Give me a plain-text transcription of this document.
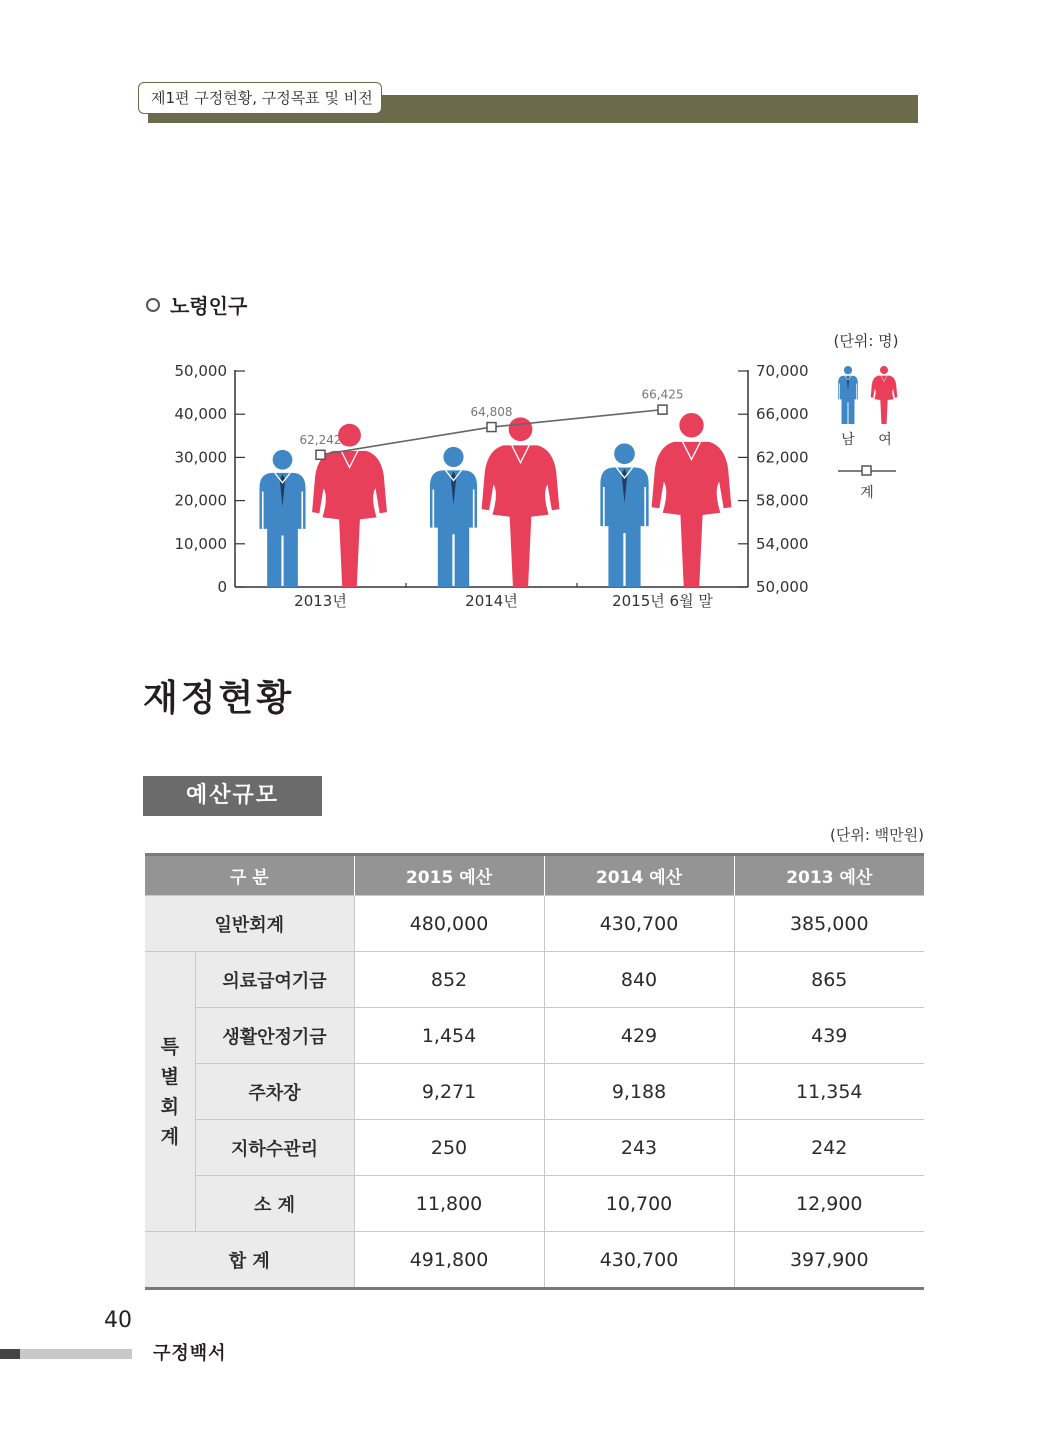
제1편 구정현황, 구정목표 및 비전
노령인구
0
10,000
20,000
30,000
40,000
50,000
50,000
54,000
58,000
62,000
66,000
70,000
2013년	2014년	2015년 6월 말
62,242
64,808
66,425
(단위: 명)
남 여
계
재정현황
예산규모
(단위: 백만원)
구 분		2015 예산	2014 예산	2013 예산
일반회계		480,000	430,700	385,000
특
별
회
계	의료급여기금	852	840	865
	생활안정기금	1,454	429	439
	주차장	9,271	9,188	11,354
	지하수관리	250	243	242
	소 계	11,800	10,700	12,900
합 계		491,800	430,700	397,900
40
구정백서
